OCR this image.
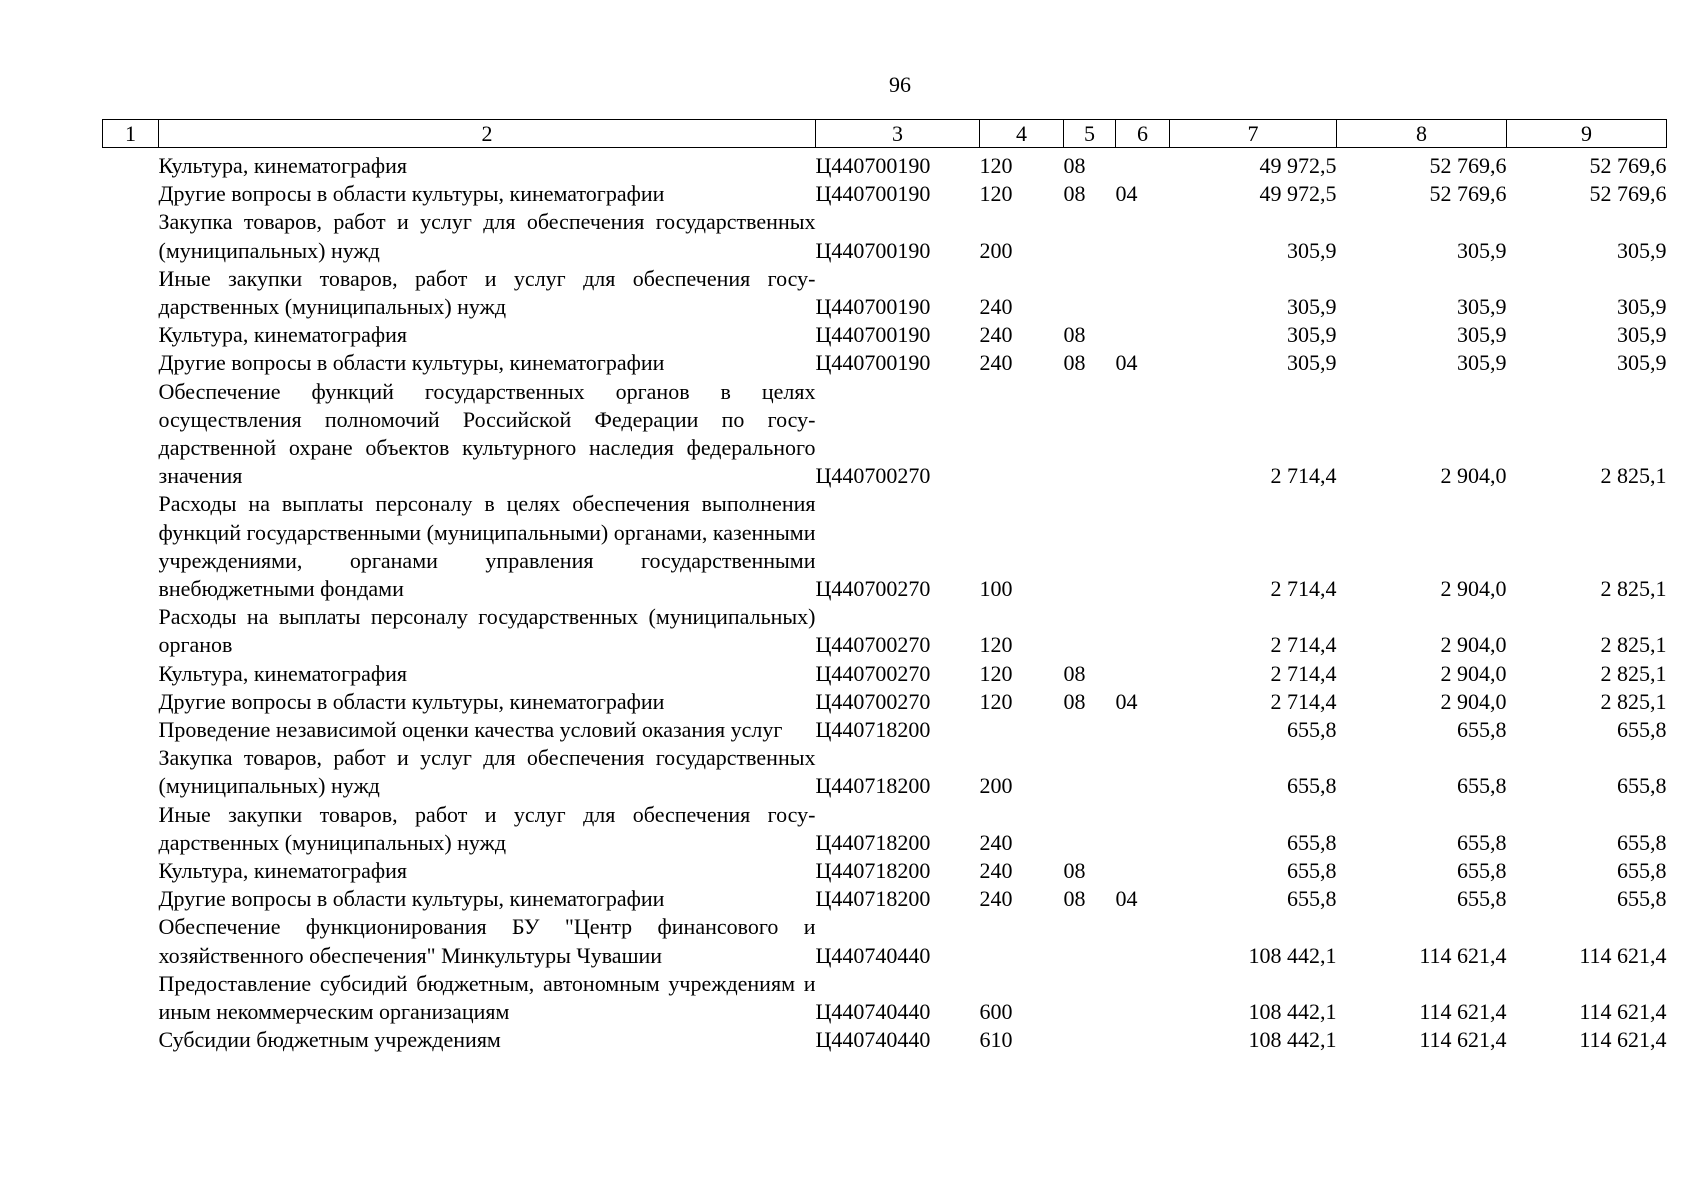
96
1	2	3	4	5	6	7	8	9
	Культура, кинематография	Ц440700190	120	08		49 972,5	52 769,6	52 769,6
	Другие вопросы в области культуры, кинематографии	Ц440700190	120	08	04	49 972,5	52 769,6	52 769,6
	Закупка товаров, работ и услуг для обеспечения государственных (муниципальных) нужд	Ц440700190	200			305,9	305,9	305,9
	Иные закупки товаров, работ и услуг для обеспечения государственных (муниципальных) нужд	Ц440700190	240			305,9	305,9	305,9
	Культура, кинематография	Ц440700190	240	08		305,9	305,9	305,9
	Другие вопросы в области культуры, кинематографии	Ц440700190	240	08	04	305,9	305,9	305,9
	Обеспечение функций государственных органов в целях осуществления полномочий Российской Федерации по государственной охране объектов культурного наследия федерального значения	Ц440700270				2 714,4	2 904,0	2 825,1
	Расходы на выплаты персоналу в целях обеспечения выполнения функций государственными (муниципальными) органами, казенными учреждениями, органами управления государственными внебюджетными фондами	Ц440700270	100			2 714,4	2 904,0	2 825,1
	Расходы на выплаты персоналу государственных (муниципальных) органов	Ц440700270	120			2 714,4	2 904,0	2 825,1
	Культура, кинематография	Ц440700270	120	08		2 714,4	2 904,0	2 825,1
	Другие вопросы в области культуры, кинематографии	Ц440700270	120	08	04	2 714,4	2 904,0	2 825,1
	Проведение независимой оценки качества условий оказания услуг	Ц440718200				655,8	655,8	655,8
	Закупка товаров, работ и услуг для обеспечения государственных (муниципальных) нужд	Ц440718200	200			655,8	655,8	655,8
	Иные закупки товаров, работ и услуг для обеспечения государственных (муниципальных) нужд	Ц440718200	240			655,8	655,8	655,8
	Культура, кинематография	Ц440718200	240	08		655,8	655,8	655,8
	Другие вопросы в области культуры, кинематографии	Ц440718200	240	08	04	655,8	655,8	655,8
	Обеспечение функционирования БУ "Центр финансового и хозяйственного обеспечения" Минкультуры Чувашии	Ц440740440				108 442,1	114 621,4	114 621,4
	Предоставление субсидий бюджетным, автономным учреждениям и иным некоммерческим организациям	Ц440740440	600			108 442,1	114 621,4	114 621,4
	Субсидии бюджетным учреждениям	Ц440740440	610			108 442,1	114 621,4	114 621,4
